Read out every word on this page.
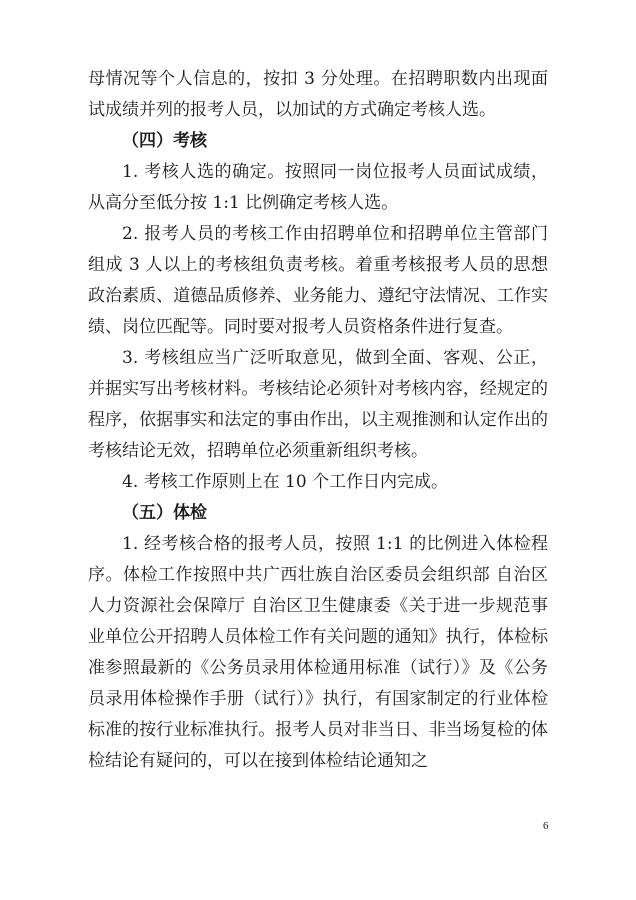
母情况等个人信息的，按扣 3 分处理。在招聘职数内出现面试成绩并列的报考人员，以加试的方式确定考核人选。

（四）考核

1. 考核人选的确定。按照同一岗位报考人员面试成绩，从高分至低分按 1:1 比例确定考核人选。

2. 报考人员的考核工作由招聘单位和招聘单位主管部门组成 3 人以上的考核组负责考核。着重考核报考人员的思想政治素质、道德品质修养、业务能力、遵纪守法情况、工作实绩、岗位匹配等。同时要对报考人员资格条件进行复查。

3. 考核组应当广泛听取意见，做到全面、客观、公正，并据实写出考核材料。考核结论必须针对考核内容，经规定的程序，依据事实和法定的事由作出，以主观推测和认定作出的考核结论无效，招聘单位必须重新组织考核。

4. 考核工作原则上在 10 个工作日内完成。

（五）体检

1. 经考核合格的报考人员，按照 1:1 的比例进入体检程序。体检工作按照中共广西壮族自治区委员会组织部 自治区人力资源社会保障厅 自治区卫生健康委《关于进一步规范事业单位公开招聘人员体检工作有关问题的通知》执行，体检标准参照最新的《公务员录用体检通用标准（试行）》及《公务员录用体检操作手册（试行）》执行，有国家制定的行业体检标准的按行业标准执行。报考人员对非当日、非当场复检的体检结论有疑问的，可以在接到体检结论通知之

6
